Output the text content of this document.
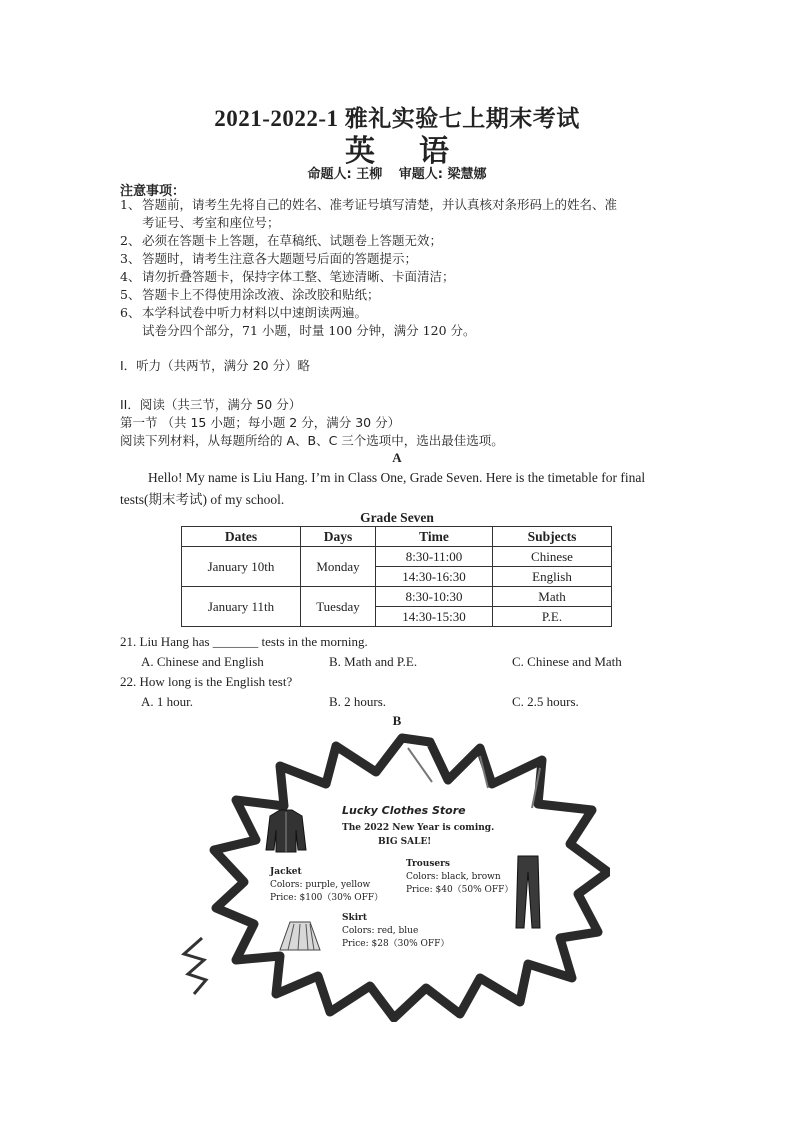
2021-2022-1 雅礼实验七上期末考试
英 语
命题人: 王柳 审题人: 梁慧娜
注意事项：
1、 答题前，请考生先将自己的姓名、准考证号填写清楚，并认真核对条形码上的姓名、准
考证号、考室和座位号；
2、 必须在答题卡上答题，在草稿纸、试题卷上答题无效；
3、 答题时，请考生注意各大题题号后面的答题提示；
4、 请勿折叠答题卡，保持字体工整、笔迹清晰、卡面清洁；
5、 答题卡上不得使用涂改液、涂改胶和贴纸；
6、 本学科试卷中听力材料以中速朗读两遍。
试卷分四个部分，71 小题，时量 100 分钟，满分 120 分。
I．听力（共两节，满分 20 分）略
II．阅读（共三节，满分 50 分）
第一节 （共 15 小题；每小题 2 分，满分 30 分）
阅读下列材料，从每题所给的 A、B、C 三个选项中，选出最佳选项。
A
Hello! My name is Liu Hang. I’m in Class One, Grade Seven. Here is the timetable for final
tests(期末考试) of my school.
Grade Seven
Dates	Days	Time	Subjects
January 10th	Monday	8:30-11:00	Chinese
		14:30-16:30	English
January 11th	Tuesday	8:30-10:30	Math
		14:30-15:30	P.E.
21. Liu Hang has _______ tests in the morning.
A. Chinese and English	B. Math and P.E.	C. Chinese and Math
22. How long is the English test?
A. 1 hour.	B. 2 hours.	C. 2.5 hours.
B
Lucky Clothes Store
The 2022 New Year is coming.
BIG SALE!
Jacket
Colors: purple, yellow
Price: $100（30% OFF）
Trousers
Colors: black, brown
Price: $40（50% OFF）
Skirt
Colors: red, blue
Price: $28（30% OFF）
